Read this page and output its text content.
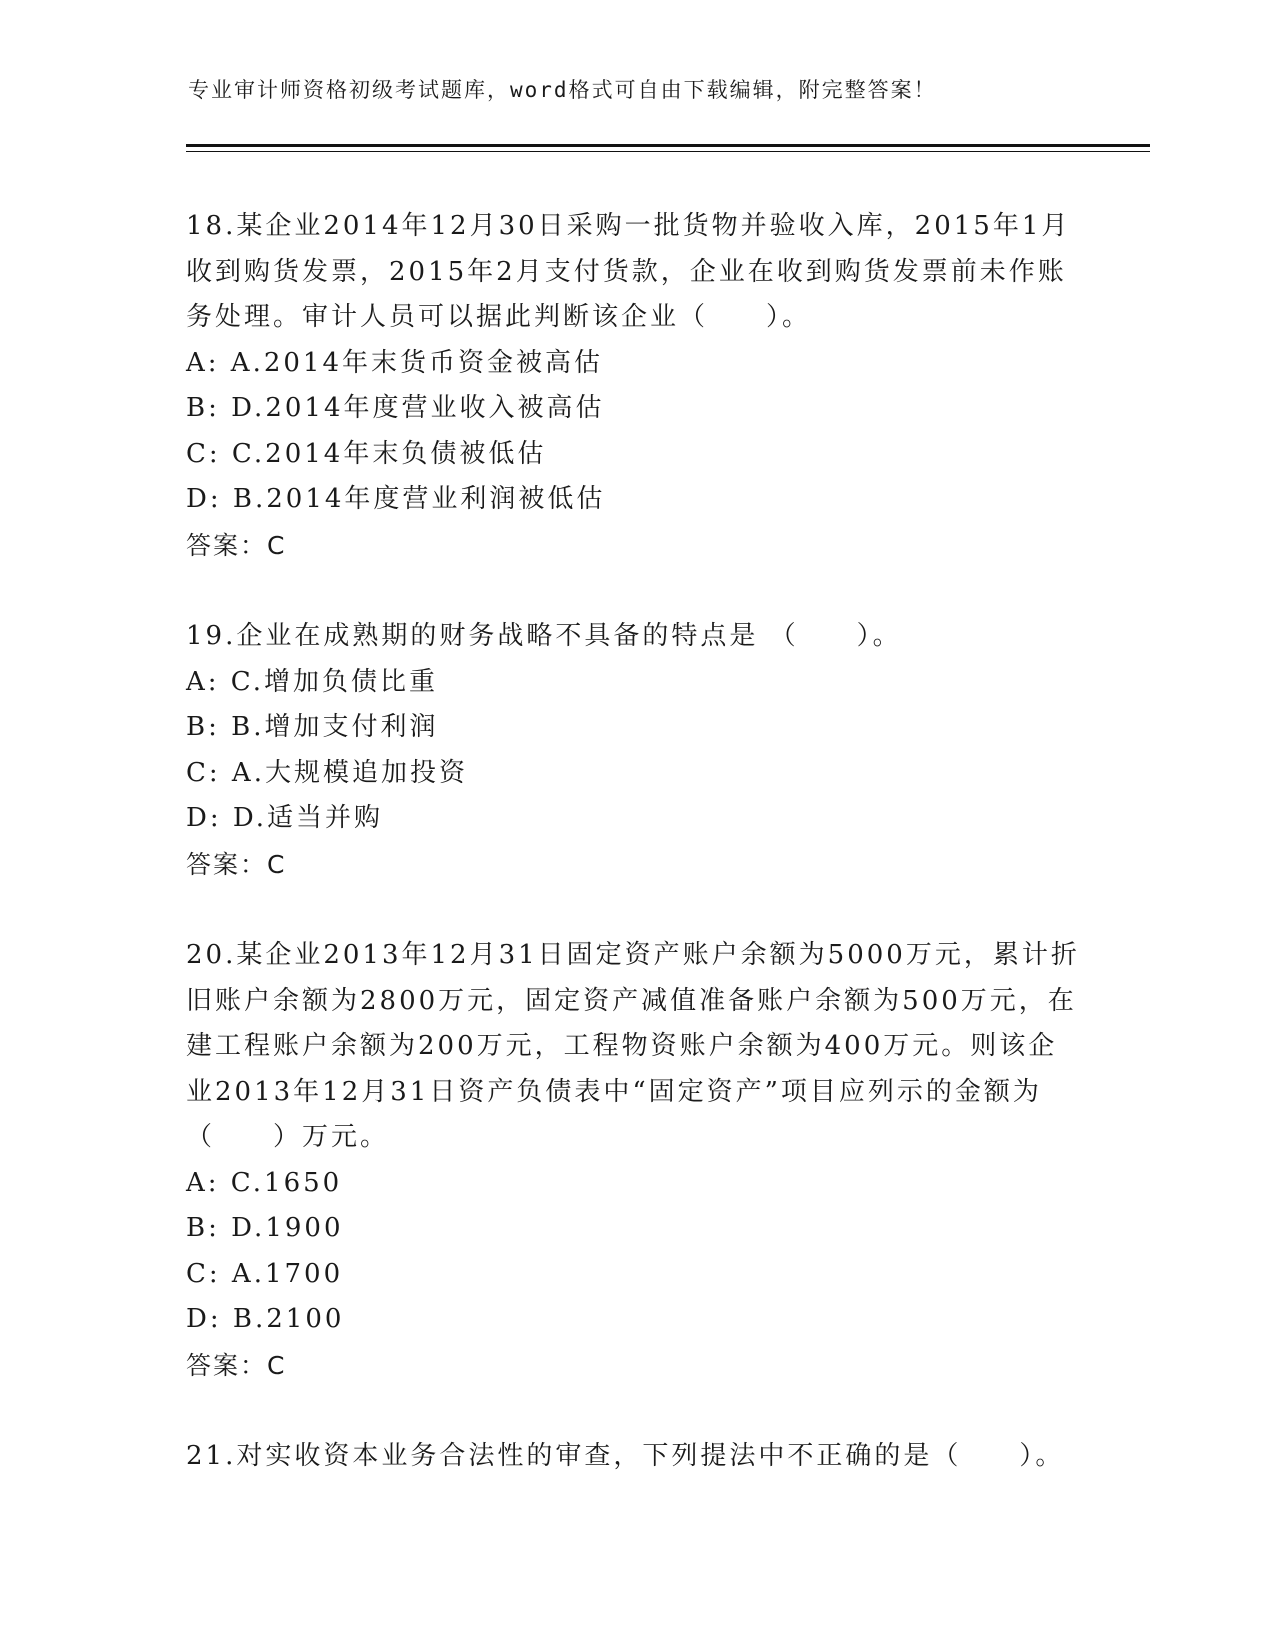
专业审计师资格初级考试题库，word格式可自由下载编辑，附完整答案！

18.某企业2014年12月30日采购一批货物并验收入库，2015年1月收到购货发票，2015年2月支付货款，企业在收到购货发票前未作账务处理。审计人员可以据此判断该企业（　　）。

A: A.2014年末货币资金被高估

B: D.2014年度营业收入被高估

C: C.2014年末负债被低估

D: B.2014年度营业利润被低估

答案：C

19.企业在成熟期的财务战略不具备的特点是 （　　）。

A: C.增加负债比重

B: B.增加支付利润

C: A.大规模追加投资

D: D.适当并购

答案：C

20.某企业2013年12月31日固定资产账户余额为5000万元，累计折旧账户余额为2800万元，固定资产减值准备账户余额为500万元，在建工程账户余额为200万元，工程物资账户余额为400万元。则该企业2013年12月31日资产负债表中“固定资产”项目应列示的金额为（　　）万元。

A: C.1650

B: D.1900

C: A.1700

D: B.2100

答案：C

21.对实收资本业务合法性的审查，下列提法中不正确的是（　　）。
